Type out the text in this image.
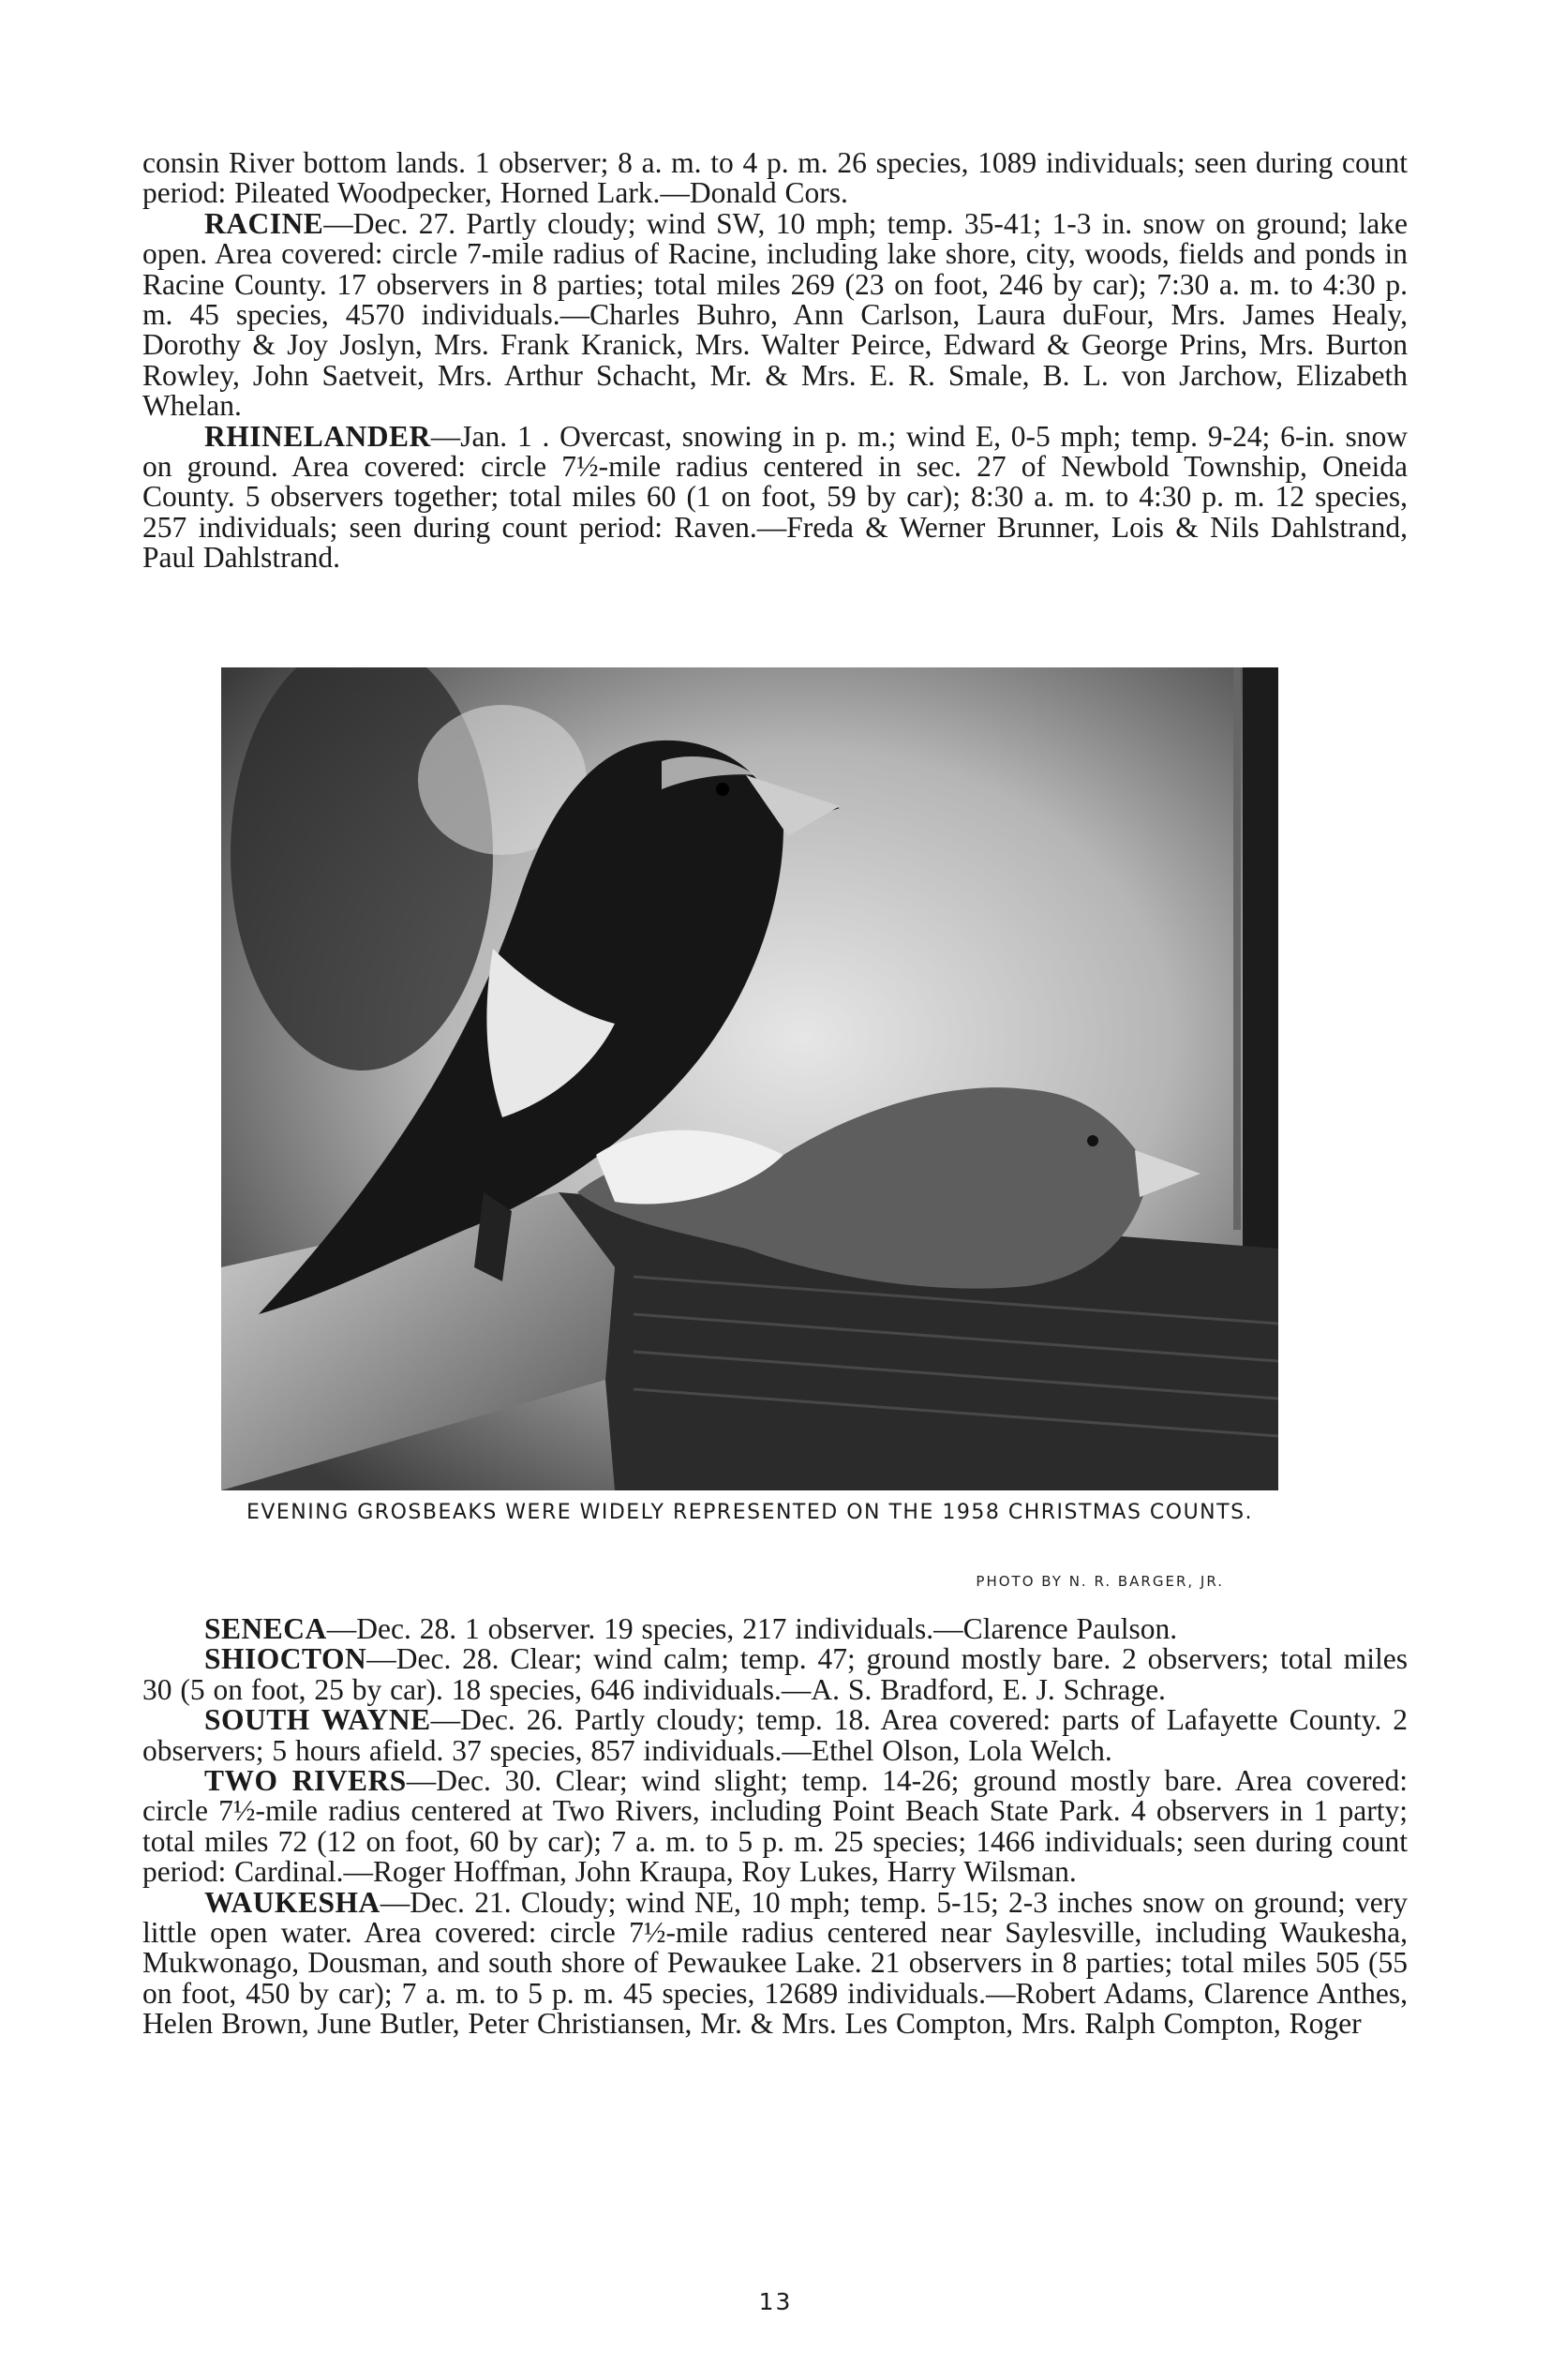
consin River bottom lands. 1 observer; 8 a. m. to 4 p. m. 26 species, 1089 individuals; seen during count period: Pileated Woodpecker, Horned Lark.—Donald Cors.

RACINE—Dec. 27. Partly cloudy; wind SW, 10 mph; temp. 35-41; 1-3 in. snow on ground; lake open. Area covered: circle 7-mile radius of Racine, including lake shore, city, woods, fields and ponds in Racine County. 17 observers in 8 parties; total miles 269 (23 on foot, 246 by car); 7:30 a. m. to 4:30 p. m. 45 species, 4570 individuals.—Charles Buhro, Ann Carlson, Laura duFour, Mrs. James Healy, Dorothy & Joy Joslyn, Mrs. Frank Kranick, Mrs. Walter Peirce, Edward & George Prins, Mrs. Burton Rowley, John Saetveit, Mrs. Arthur Schacht, Mr. & Mrs. E. R. Smale, B. L. von Jarchow, Elizabeth Whelan.

RHINELANDER—Jan. 1 . Overcast, snowing in p. m.; wind E, 0-5 mph; temp. 9-24; 6-in. snow on ground. Area covered: circle 7½-mile radius centered in sec. 27 of Newbold Township, Oneida County. 5 observers together; total miles 60 (1 on foot, 59 by car); 8:30 a. m. to 4:30 p. m. 12 species, 257 individuals; seen during count period: Raven.—Freda & Werner Brunner, Lois & Nils Dahlstrand, Paul Dahlstrand.

EVENING GROSBEAKS WERE WIDELY REPRESENTED ON THE 1958 CHRISTMAS COUNTS.

PHOTO BY N. R. BARGER, JR.

SENECA—Dec. 28. 1 observer. 19 species, 217 individuals.—Clarence Paulson.

SHIOCTON—Dec. 28. Clear; wind calm; temp. 47; ground mostly bare. 2 observers; total miles 30 (5 on foot, 25 by car). 18 species, 646 individuals.—A. S. Bradford, E. J. Schrage.

SOUTH WAYNE—Dec. 26. Partly cloudy; temp. 18. Area covered: parts of Lafayette County. 2 observers; 5 hours afield. 37 species, 857 individuals.—Ethel Olson, Lola Welch.

TWO RIVERS—Dec. 30. Clear; wind slight; temp. 14-26; ground mostly bare. Area covered: circle 7½-mile radius centered at Two Rivers, including Point Beach State Park. 4 observers in 1 party; total miles 72 (12 on foot, 60 by car); 7 a. m. to 5 p. m. 25 species; 1466 individuals; seen during count period: Cardinal.—Roger Hoffman, John Kraupa, Roy Lukes, Harry Wilsman.

WAUKESHA—Dec. 21. Cloudy; wind NE, 10 mph; temp. 5-15; 2-3 inches snow on ground; very little open water. Area covered: circle 7½-mile radius centered near Saylesville, including Waukesha, Mukwonago, Dousman, and south shore of Pewaukee Lake. 21 observers in 8 parties; total miles 505 (55 on foot, 450 by car); 7 a. m. to 5 p. m. 45 species, 12689 individuals.—Robert Adams, Clarence Anthes, Helen Brown, June Butler, Peter Christiansen, Mr. & Mrs. Les Compton, Mrs. Ralph Compton, Roger

13
